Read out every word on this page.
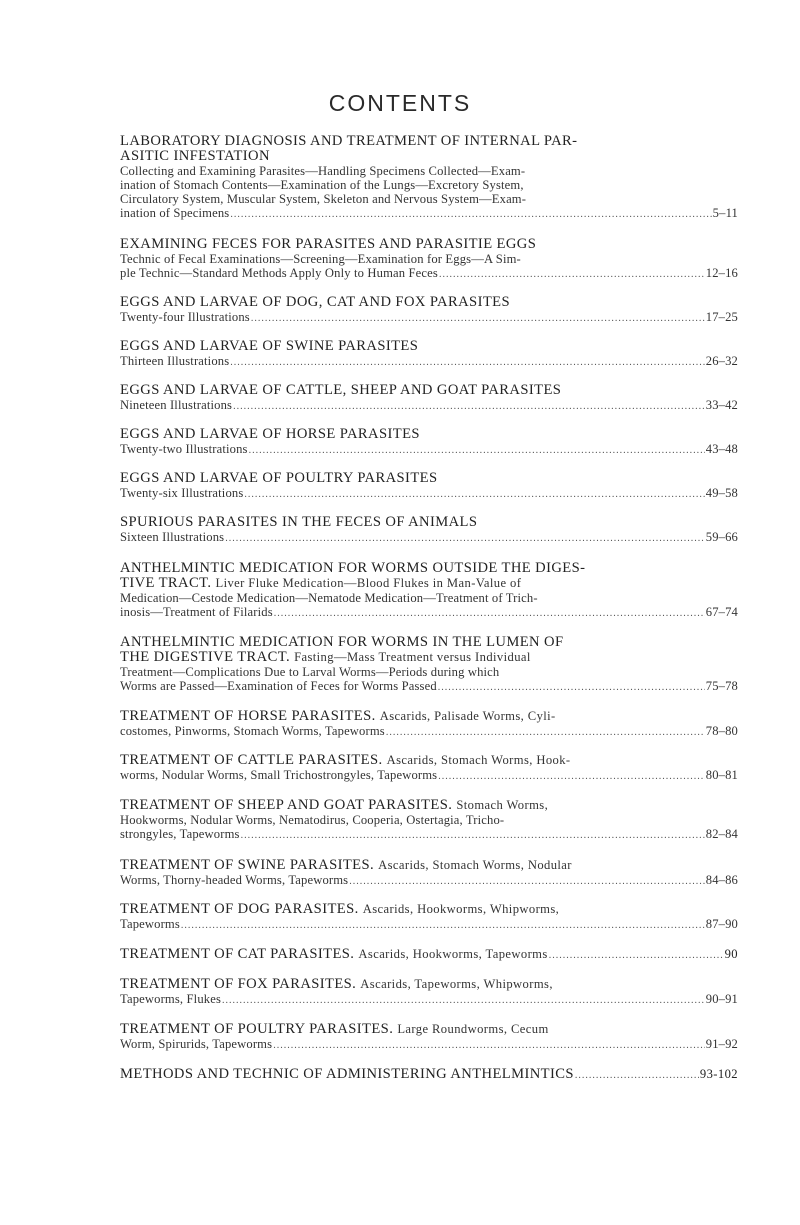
CONTENTS
LABORATORY DIAGNOSIS AND TREATMENT OF INTERNAL PAR-
ASITIC INFESTATION
Collecting and Examining Parasites—Handling Specimens Collected—Exam-
ination of Stomach Contents—Examination of the Lungs—Excretory System,
Circulatory System, Muscular System, Skeleton and Nervous System—Exam-
ination of Specimens .....	5–11
EXAMINING FECES FOR PARASITES AND PARASITIE EGGS
Technic of Fecal Examinations—Screening—Examination for Eggs—A Sim-
ple Technic—Standard Methods Apply Only to Human Feces .....	12–16
EGGS AND LARVAE OF DOG, CAT AND FOX PARASITES
Twenty-four Illustrations .....	17–25
EGGS AND LARVAE OF SWINE PARASITES
Thirteen Illustrations .....	26–32
EGGS AND LARVAE OF CATTLE, SHEEP AND GOAT PARASITES
Nineteen Illustrations .....	33–42
EGGS AND LARVAE OF HORSE PARASITES
Twenty-two Illustrations .....	43–48
EGGS AND LARVAE OF POULTRY PARASITES
Twenty-six Illustrations .....	49–58
SPURIOUS PARASITES IN THE FECES OF ANIMALS
Sixteen Illustrations .....	59–66
ANTHELMINTIC MEDICATION FOR WORMS OUTSIDE THE DIGES-
TIVE TRACT. Liver Fluke Medication—Blood Flukes in Man-Value of
Medication—Cestode Medication—Nematode Medication—Treatment of Trich-
inosis—Treatment of Filarids .....	67–74
ANTHELMINTIC MEDICATION FOR WORMS IN THE LUMEN OF
THE DIGESTIVE TRACT. Fasting—Mass Treatment versus Individual
Treatment—Complications Due to Larval Worms—Periods during which
Worms are Passed—Examination of Feces for Worms Passed .....	75–78
TREATMENT OF HORSE PARASITES. Ascarids, Palisade Worms, Cyli-
costomes, Pinworms, Stomach Worms, Tapeworms .....	78–80
TREATMENT OF CATTLE PARASITES. Ascarids, Stomach Worms, Hook-
worms, Nodular Worms, Small Trichostrongyles, Tapeworms .....	80–81
TREATMENT OF SHEEP AND GOAT PARASITES. Stomach Worms,
Hookworms, Nodular Worms, Nematodirus, Cooperia, Ostertagia, Tricho-
strongyles, Tapeworms .....	82–84
TREATMENT OF SWINE PARASITES. Ascarids, Stomach Worms, Nodular
Worms, Thorny-headed Worms, Tapeworms .....	84–86
TREATMENT OF DOG PARASITES. Ascarids, Hookworms, Whipworms,
Tapeworms .....	87–90
TREATMENT OF CAT PARASITES. Ascarids, Hookworms, Tapeworms .....	90
TREATMENT OF FOX PARASITES. Ascarids, Tapeworms, Whipworms,
Tapeworms, Flukes .....	90–91
TREATMENT OF POULTRY PARASITES. Large Roundworms, Cecum
Worm, Spirurids, Tapeworms .....	91–92
METHODS AND TECHNIC OF ADMINISTERING ANTHELMINTICS .....	93-102
